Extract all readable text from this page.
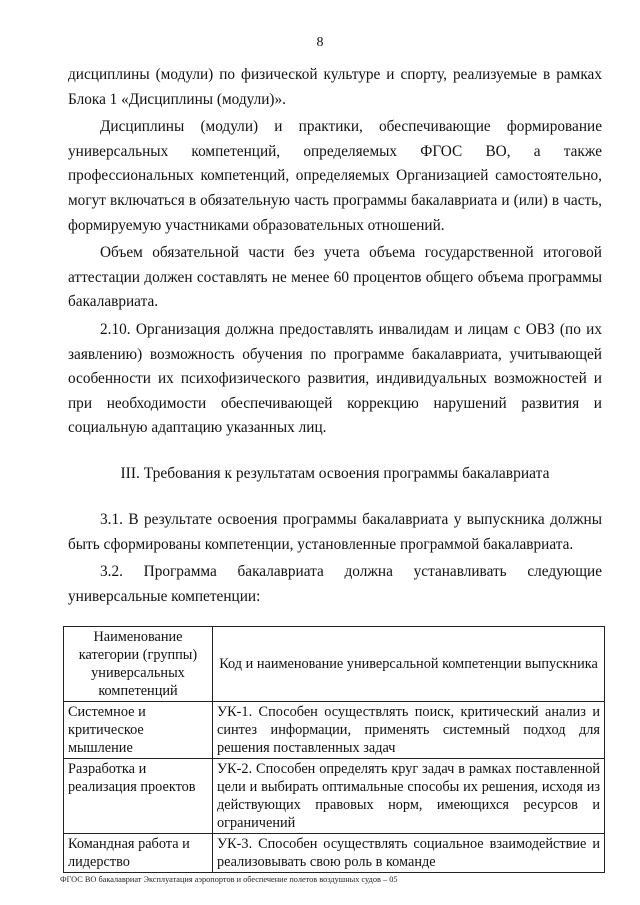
8

дисциплины (модули) по физической культуре и спорту, реализуемые в рамках Блока 1 «Дисциплины (модули)».

Дисциплины (модули) и практики, обеспечивающие формирование универсальных компетенций, определяемых ФГОС ВО, а также профессиональных компетенций, определяемых Организацией самостоятельно, могут включаться в обязательную часть программы бакалавриата и (или) в часть, формируемую участниками образовательных отношений.

Объем обязательной части без учета объема государственной итоговой аттестации должен составлять не менее 60 процентов общего объема программы бакалавриата.

2.10. Организация должна предоставлять инвалидам и лицам с ОВЗ (по их заявлению) возможность обучения по программе бакалавриата, учитывающей особенности их психофизического развития, индивидуальных возможностей и при необходимости обеспечивающей коррекцию нарушений развития и социальную адаптацию указанных лиц.

III. Требования к результатам освоения программы бакалавриата

3.1. В результате освоения программы бакалавриата у выпускника должны быть сформированы компетенции, установленные программой бакалавриата.

3.2. Программа бакалавриата должна устанавливать следующие универсальные компетенции:

Наименование категории (группы) универсальных компетенций	Код и наименование универсальной компетенции выпускника
Системное и критическое мышление	УК-1. Способен осуществлять поиск, критический анализ и синтез информации, применять системный подход для решения поставленных задач
Разработка и реализация проектов	УК-2. Способен определять круг задач в рамках поставленной цели и выбирать оптимальные способы их решения, исходя из действующих правовых норм, имеющихся ресурсов и ограничений
Командная работа и лидерство	УК-3. Способен осуществлять социальное взаимодействие и реализовывать свою роль в команде
ФГОС ВО бакалавриат Эксплуатация аэропортов и обеспечение полетов воздушных судов – 05
